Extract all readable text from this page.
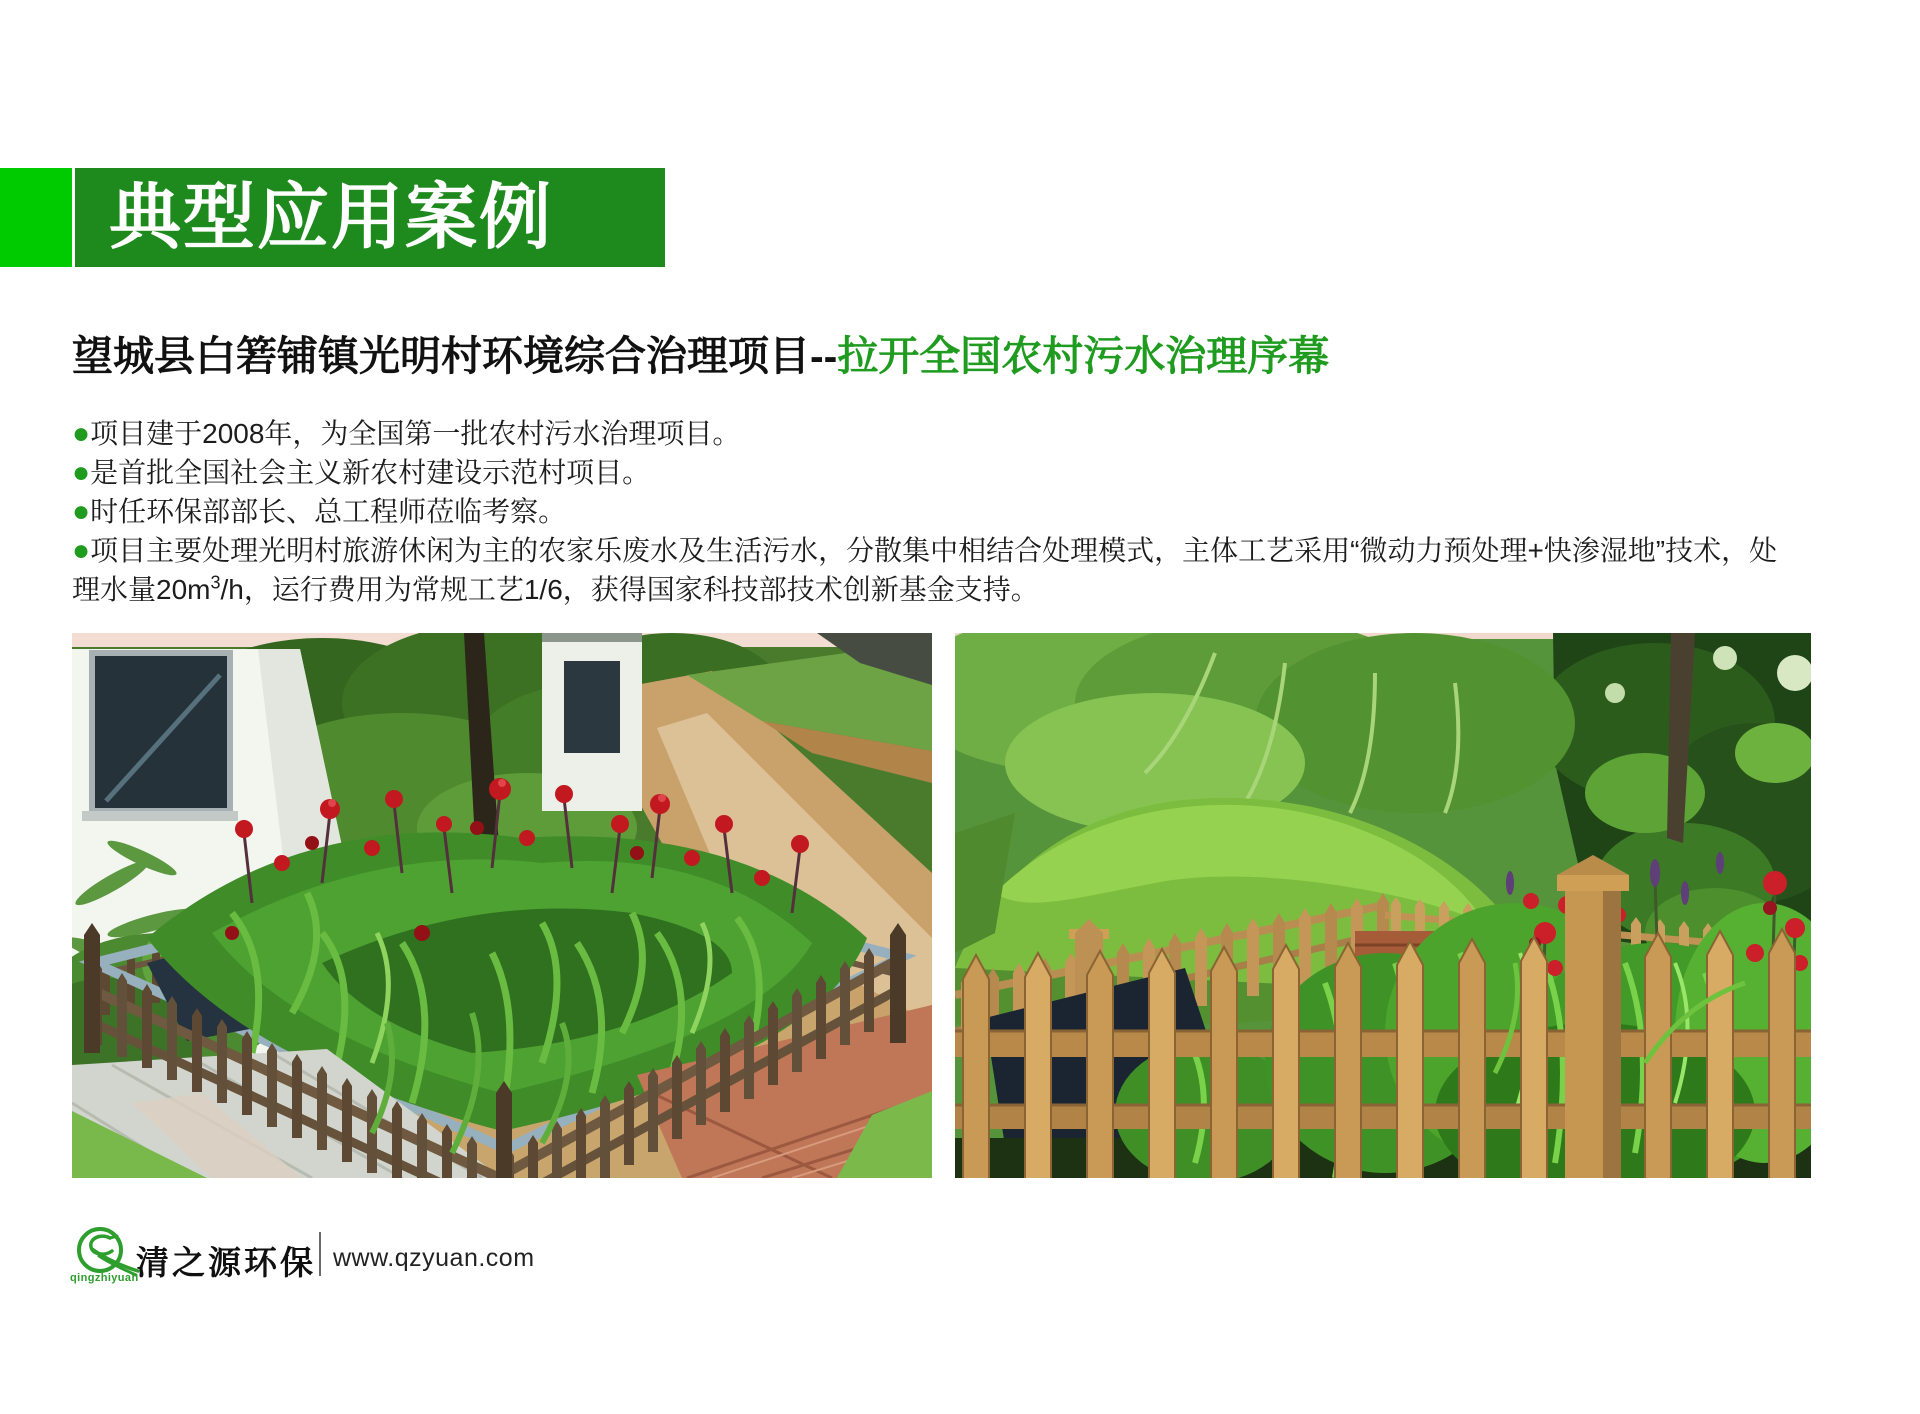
典型应用案例
望城县白箬铺镇光明村环境综合治理项目--拉开全国农村污水治理序幕

●项目建于2008年，为全国第一批农村污水治理项目。

●是首批全国社会主义新农村建设示范村项目。

●时任环保部部长、总工程师莅临考察。

●项目主要处理光明村旅游休闲为主的农家乐废水及生活污水，分散集中相结合处理模式，主体工艺采用“微动力预处理+快渗湿地”技术，处理水量$20m^3/h$，运行费用为常规工艺1/6，获得国家科技部技术创新基金支持。

qingzhiyuan
清之源环保 www.qzyuan.com
